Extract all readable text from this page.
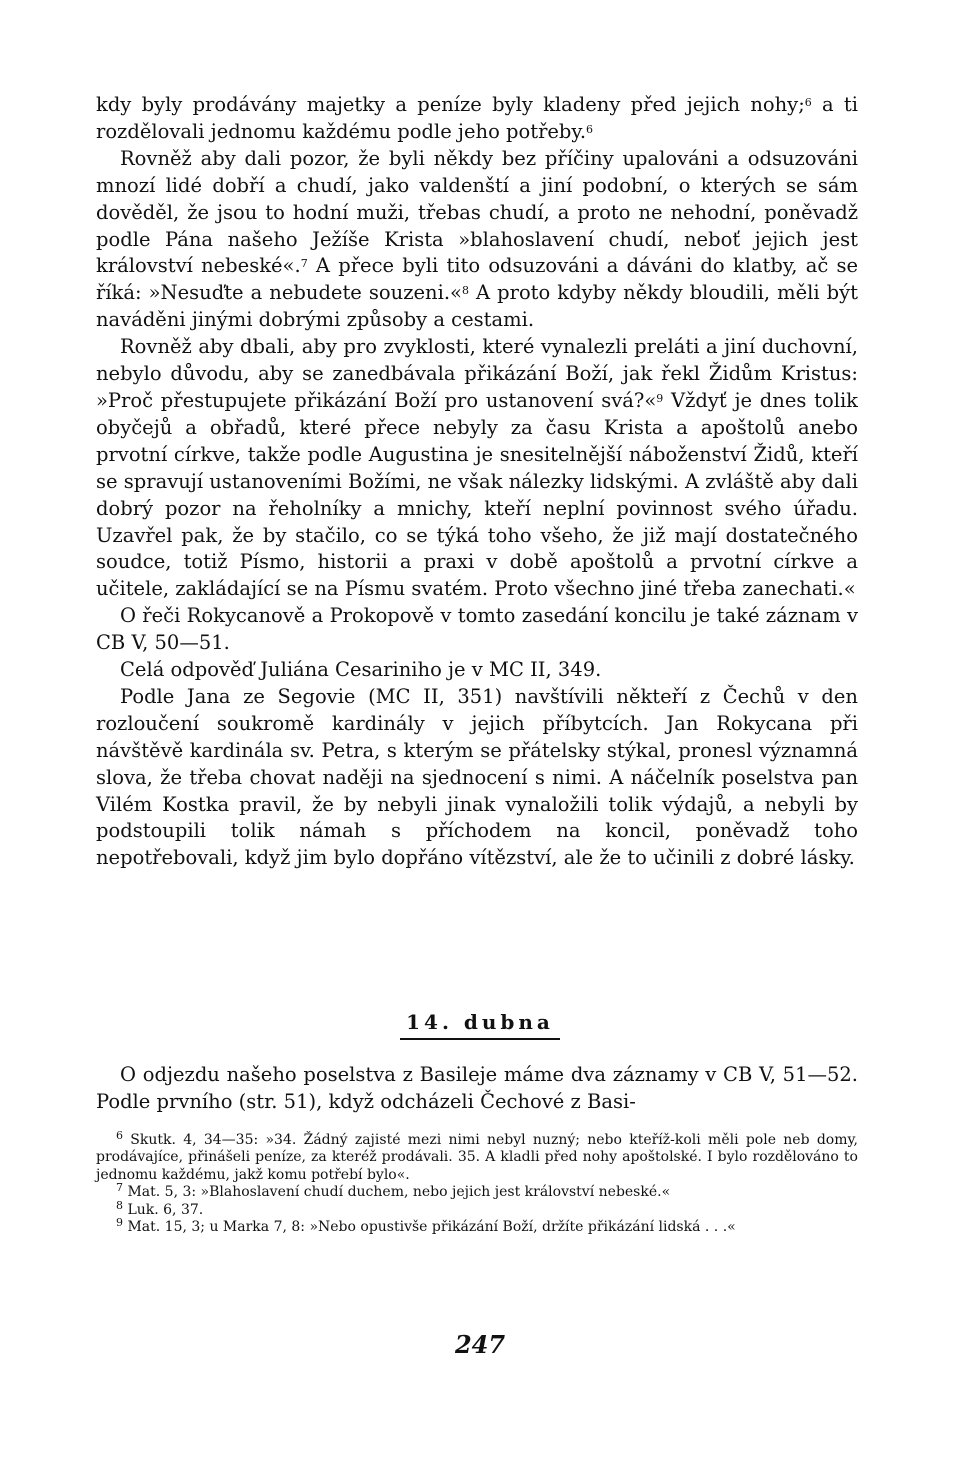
kdy byly prodávány majetky a peníze byly kladeny před jejich nohy;$^6$ a ti rozdělovali jednomu každému podle jeho potřeby.$^6$

Rovněž aby dali pozor, že byli někdy bez příčiny upalováni a odsuzováni mnozí lidé dobří a chudí, jako valdenští a jiní podobní, o kterých se sám dověděl, že jsou to hodní muži, třebas chudí, a proto ne nehodní, poněvadž podle Pána našeho Ježíše Krista »blahoslavení chudí, neboť jejich jest království nebeské«.$^7$ A přece byli tito odsuzováni a dáváni do klatby, ač se říká: »Nesuďte a nebudete souzeni.«$^8$ A proto kdyby někdy bloudili, měli být naváděni jinými dobrými způsoby a cestami.

Rovněž aby dbali, aby pro zvyklosti, které vynalezli preláti a jiní duchovní, nebylo důvodu, aby se zanedbávala přikázání Boží, jak řekl Židům Kristus: »Proč přestupujete přikázání Boží pro ustanovení svá?«$^9$ Vždyť je dnes tolik obyčejů a obřadů, které přece nebyly za času Krista a apoštolů anebo prvotní církve, takže podle Augustina je snesitelnější náboženství Židů, kteří se spravují ustanoveními Božími, ne však nálezky lidskými. A zvláště aby dali dobrý pozor na řeholníky a mnichy, kteří neplní povinnost svého úřadu. Uzavřel pak, že by stačilo, co se týká toho všeho, že již mají dostatečného soudce, totiž Písmo, historii a praxi v době apoštolů a prvotní církve a učitele, zakládající se na Písmu svatém. Proto všechno jiné třeba zanechati.«

O řeči Rokycanově a Prokopově v tomto zasedání koncilu je také záznam v CB V, 50—51.

Celá odpověď Juliána Cesariniho je v MC II, 349.

Podle Jana ze Segovie (MC II, 351) navštívili někteří z Čechů v den rozloučení soukromě kardinály v jejich příbytcích. Jan Rokycana při návštěvě kardinála sv. Petra, s kterým se přátelsky stýkal, pronesl významná slova, že třeba chovat naději na sjednocení s nimi. A náčelník poselstva pan Vilém Kostka pravil, že by nebyli jinak vynaložili tolik výdajů, a nebyli by podstoupili tolik námah s příchodem na koncil, poněvadž toho nepotřebovali, když jim bylo dopřáno vítězství, ale že to učinili z dobré lásky.

14. dubna

O odjezdu našeho poselstva z Basileje máme dva záznamy v CB V, 51—52. Podle prvního (str. 51), když odcházeli Čechové z Basi-

$^6$ Skutk. 4, 34—35: »34. Žádný zajisté mezi nimi nebyl nuzný; nebo kteříž-koli měli pole neb domy, prodávajíce, přinášeli peníze, za kteréž prodávali. 35. A kladli před nohy apoštolské. I bylo rozdělováno to jednomu každému, jakž komu potřebí bylo«.

$^7$ Mat. 5, 3: »Blahoslavení chudí duchem, nebo jejich jest království nebeské.«

$^8$ Luk. 6, 37.

$^9$ Mat. 15, 3; u Marka 7, 8: »Nebo opustivše přikázání Boží, držíte přikázání lidská . . .«

247
